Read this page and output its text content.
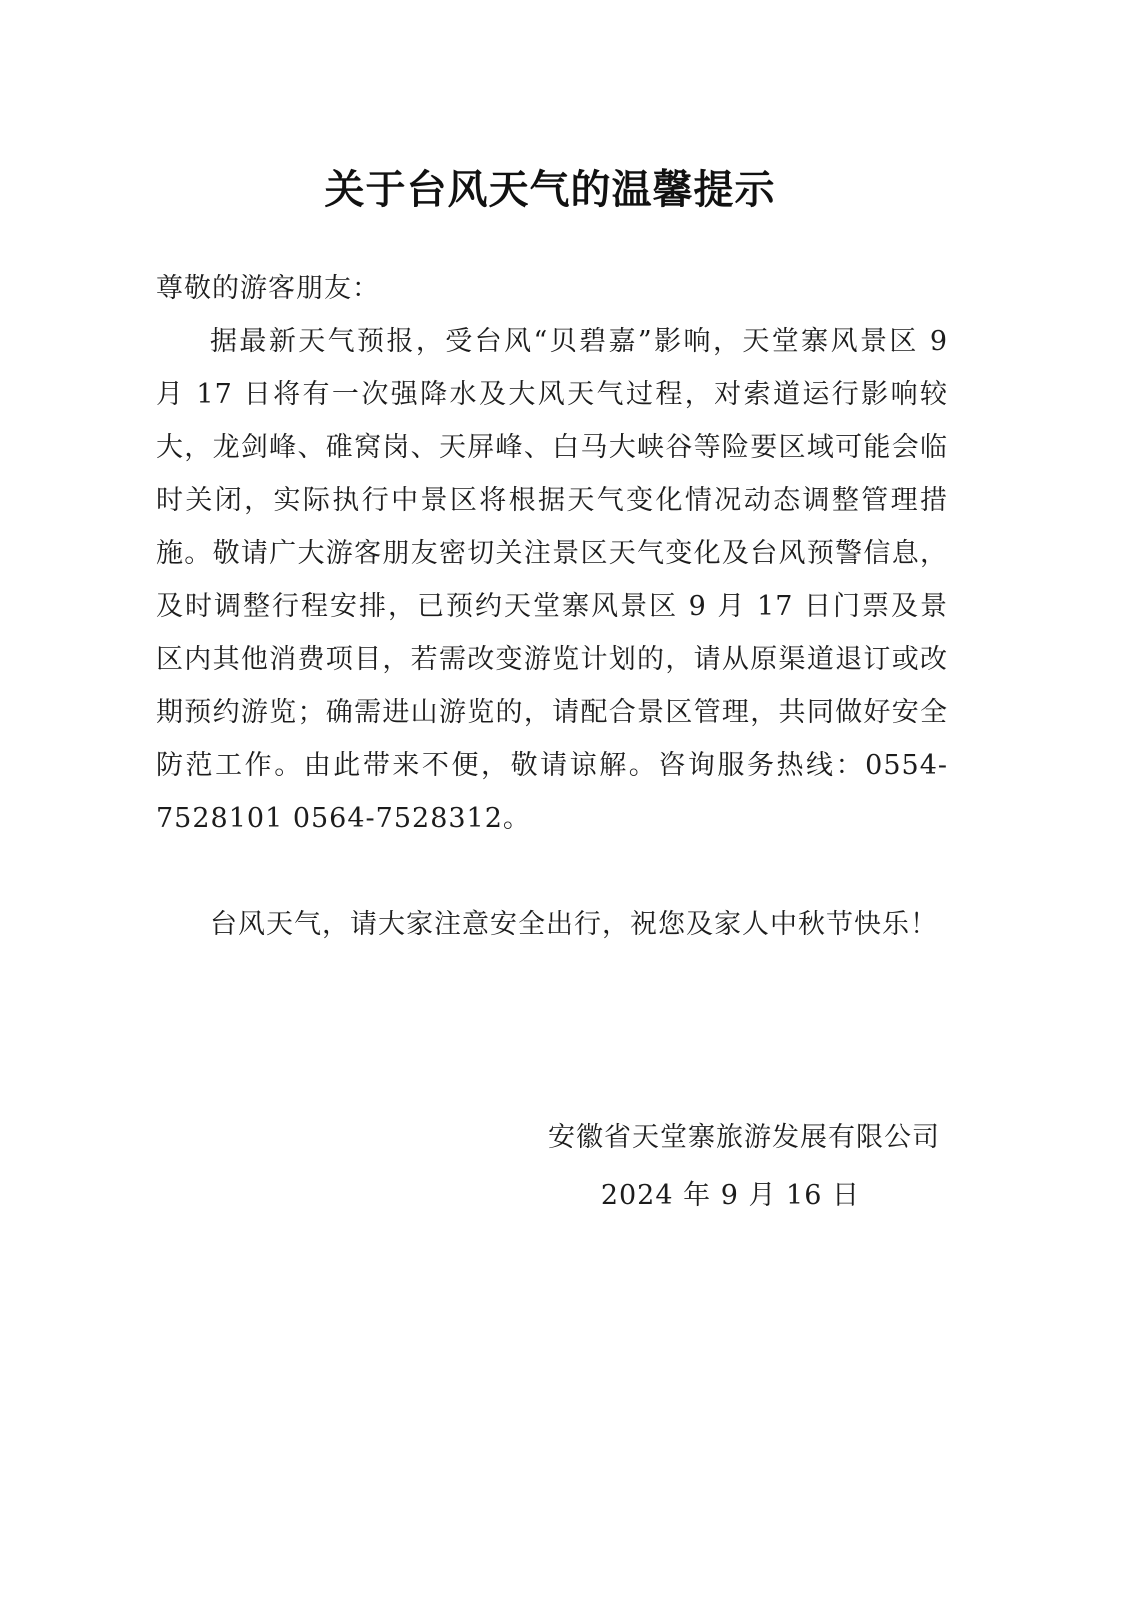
关于台风天气的温馨提示
尊敬的游客朋友：
据最新天气预报，受台风“贝碧嘉”影响，天堂寨风景区 9 月 17 日将有一次强降水及大风天气过程，对索道运行影响较大，龙剑峰、碓窝岗、天屏峰、白马大峡谷等险要区域可能会临时关闭，实际执行中景区将根据天气变化情况动态调整管理措施。敬请广大游客朋友密切关注景区天气变化及台风预警信息，及时调整行程安排，已预约天堂寨风景区 9 月 17 日门票及景区内其他消费项目，若需改变游览计划的，请从原渠道退订或改期预约游览；确需进山游览的，请配合景区管理，共同做好安全防范工作。由此带来不便，敬请谅解。咨询服务热线：0554-7528101 0564-7528312。
台风天气，请大家注意安全出行，祝您及家人中秋节快乐！
安徽省天堂寨旅游发展有限公司
2024 年 9 月 16 日
